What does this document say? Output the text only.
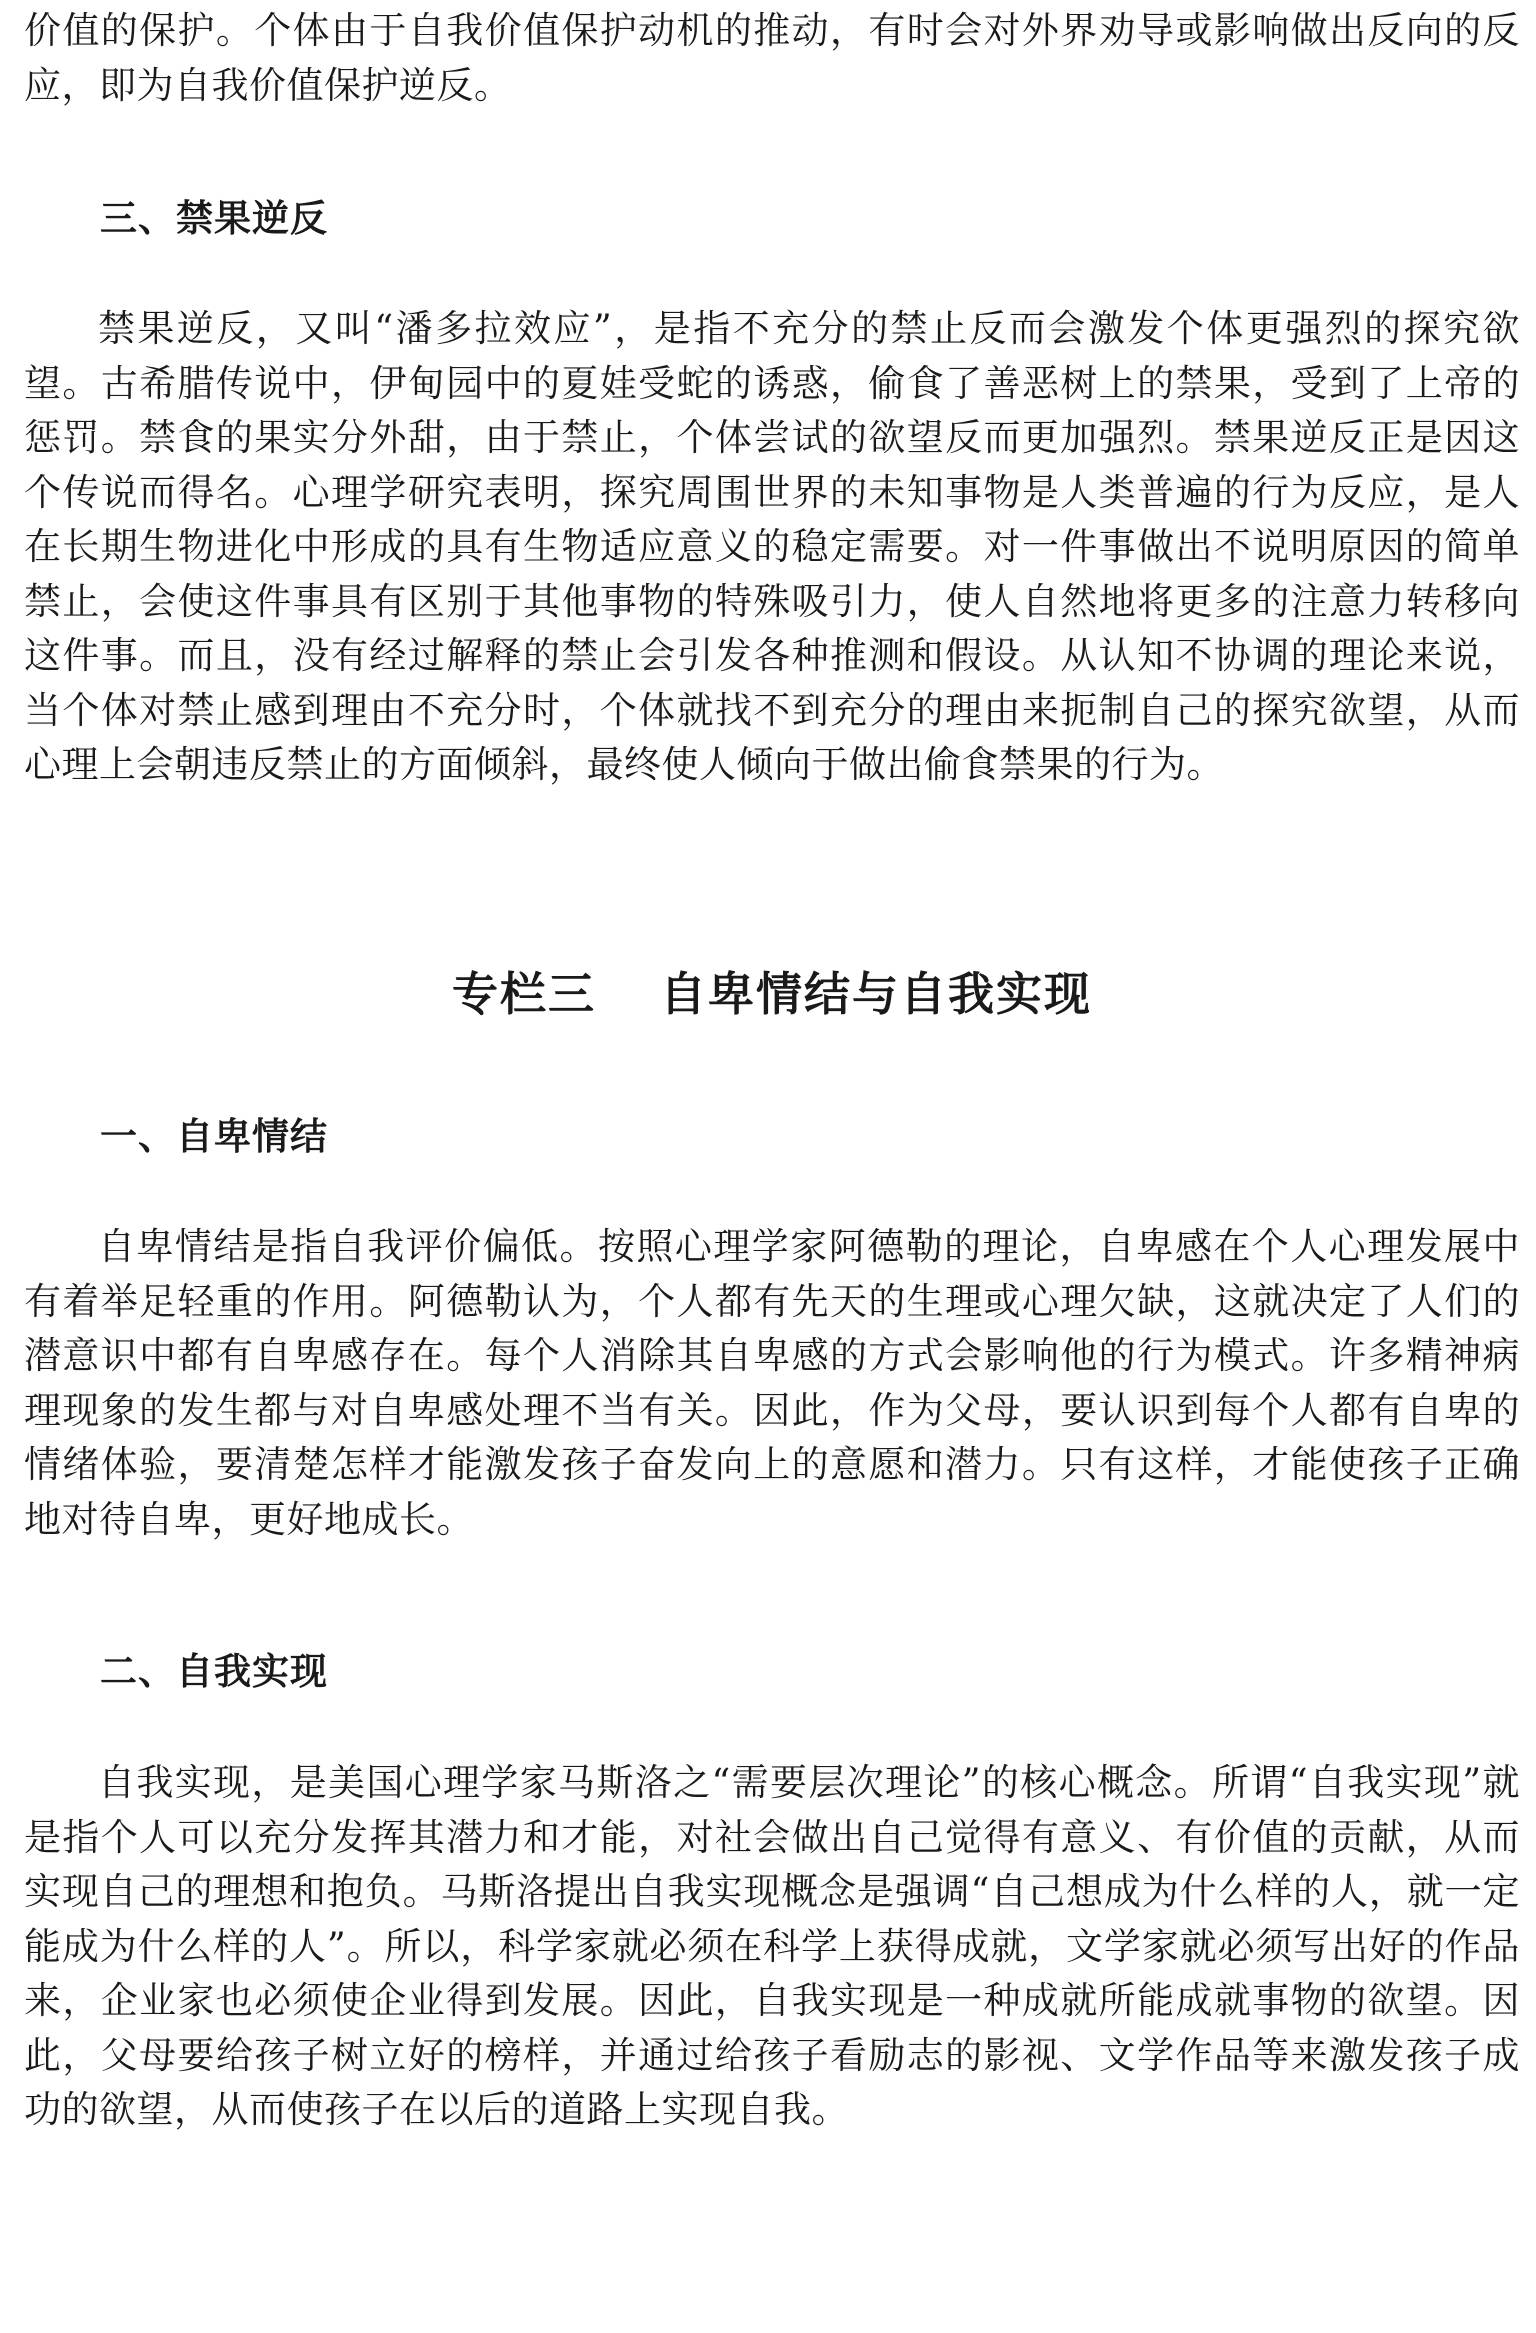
价值的保护。个体由于自我价值保护动机的推动，有时会对外界劝导或影响做出反向的反应，即为自我价值保护逆反。

三、禁果逆反

禁果逆反，又叫“潘多拉效应”，是指不充分的禁止反而会激发个体更强烈的探究欲望。古希腊传说中，伊甸园中的夏娃受蛇的诱惑，偷食了善恶树上的禁果，受到了上帝的惩罚。禁食的果实分外甜，由于禁止，个体尝试的欲望反而更加强烈。禁果逆反正是因这个传说而得名。心理学研究表明，探究周围世界的未知事物是人类普遍的行为反应，是人在长期生物进化中形成的具有生物适应意义的稳定需要。对一件事做出不说明原因的简单禁止，会使这件事具有区别于其他事物的特殊吸引力，使人自然地将更多的注意力转移向这件事。而且，没有经过解释的禁止会引发各种推测和假设。从认知不协调的理论来说，当个体对禁止感到理由不充分时，个体就找不到充分的理由来扼制自己的探究欲望，从而心理上会朝违反禁止的方面倾斜，最终使人倾向于做出偷食禁果的行为。

专栏三 自卑情结与自我实现
一、自卑情结

自卑情结是指自我评价偏低。按照心理学家阿德勒的理论，自卑感在个人心理发展中有着举足轻重的作用。阿德勒认为，个人都有先天的生理或心理欠缺，这就决定了人们的潜意识中都有自卑感存在。每个人消除其自卑感的方式会影响他的行为模式。许多精神病理现象的发生都与对自卑感处理不当有关。因此，作为父母，要认识到每个人都有自卑的情绪体验，要清楚怎样才能激发孩子奋发向上的意愿和潜力。只有这样，才能使孩子正确地对待自卑，更好地成长。

二、自我实现

自我实现，是美国心理学家马斯洛之“需要层次理论”的核心概念。所谓“自我实现”就是指个人可以充分发挥其潜力和才能，对社会做出自己觉得有意义、有价值的贡献，从而实现自己的理想和抱负。马斯洛提出自我实现概念是强调“自己想成为什么样的人，就一定能成为什么样的人”。所以，科学家就必须在科学上获得成就，文学家就必须写出好的作品来，企业家也必须使企业得到发展。因此，自我实现是一种成就所能成就事物的欲望。因此，父母要给孩子树立好的榜样，并通过给孩子看励志的影视、文学作品等来激发孩子成功的欲望，从而使孩子在以后的道路上实现自我。
